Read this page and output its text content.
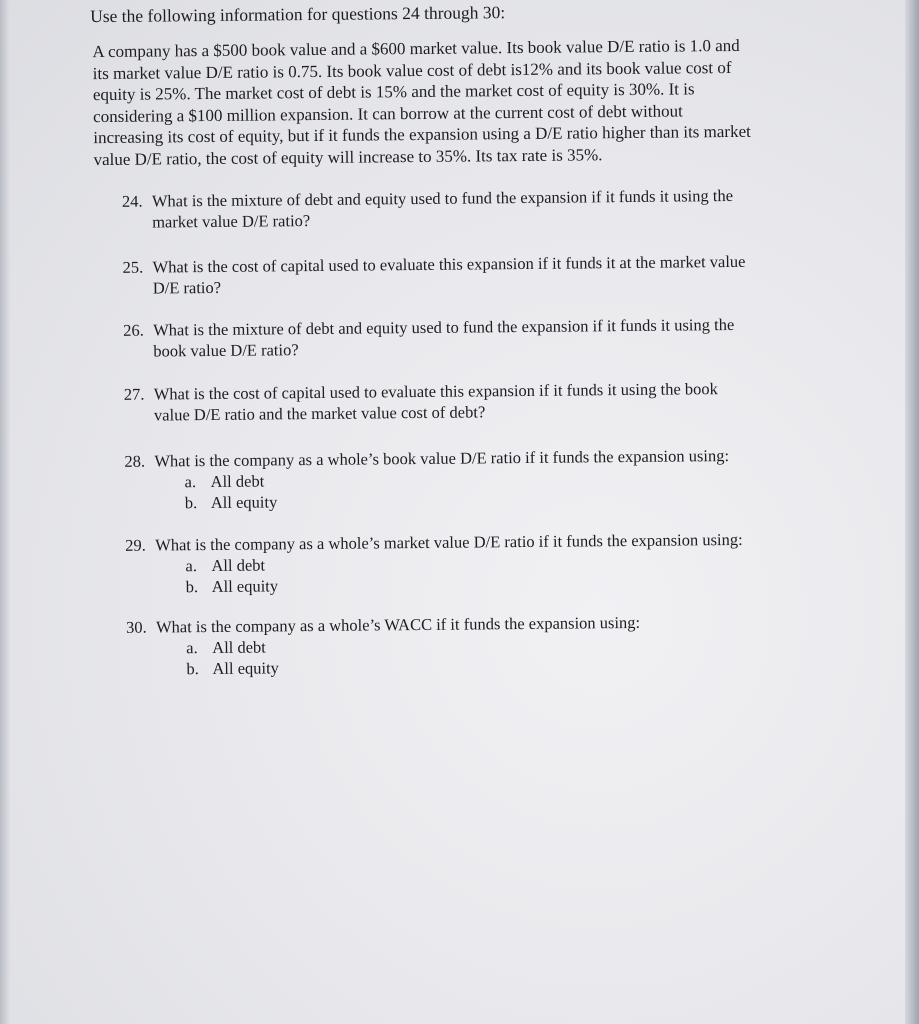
Use the following information for questions 24 through 30:
A company has a $500 book value and a $600 market value. Its book value D/E ratio is 1.0 and
its market value D/E ratio is 0.75. Its book value cost of debt is12% and its book value cost of
equity is 25%. The market cost of debt is 15% and the market cost of equity is 30%. It is
considering a $100 million expansion. It can borrow at the current cost of debt without
increasing its cost of equity, but if it funds the expansion using a D/E ratio higher than its market
value D/E ratio, the cost of equity will increase to 35%. Its tax rate is 35%.
24. What is the mixture of debt and equity used to fund the expansion if it funds it using the
market value D/E ratio?
25. What is the cost of capital used to evaluate this expansion if it funds it at the market value
D/E ratio?
26. What is the mixture of debt and equity used to fund the expansion if it funds it using the
book value D/E ratio?
27. What is the cost of capital used to evaluate this expansion if it funds it using the book
value D/E ratio and the market value cost of debt?
28. What is the company as a whole’s book value D/E ratio if it funds the expansion using:
a. All debt
b. All equity
29. What is the company as a whole’s market value D/E ratio if it funds the expansion using:
a. All debt
b. All equity
30. What is the company as a whole’s WACC if it funds the expansion using:
a. All debt
b. All equity
